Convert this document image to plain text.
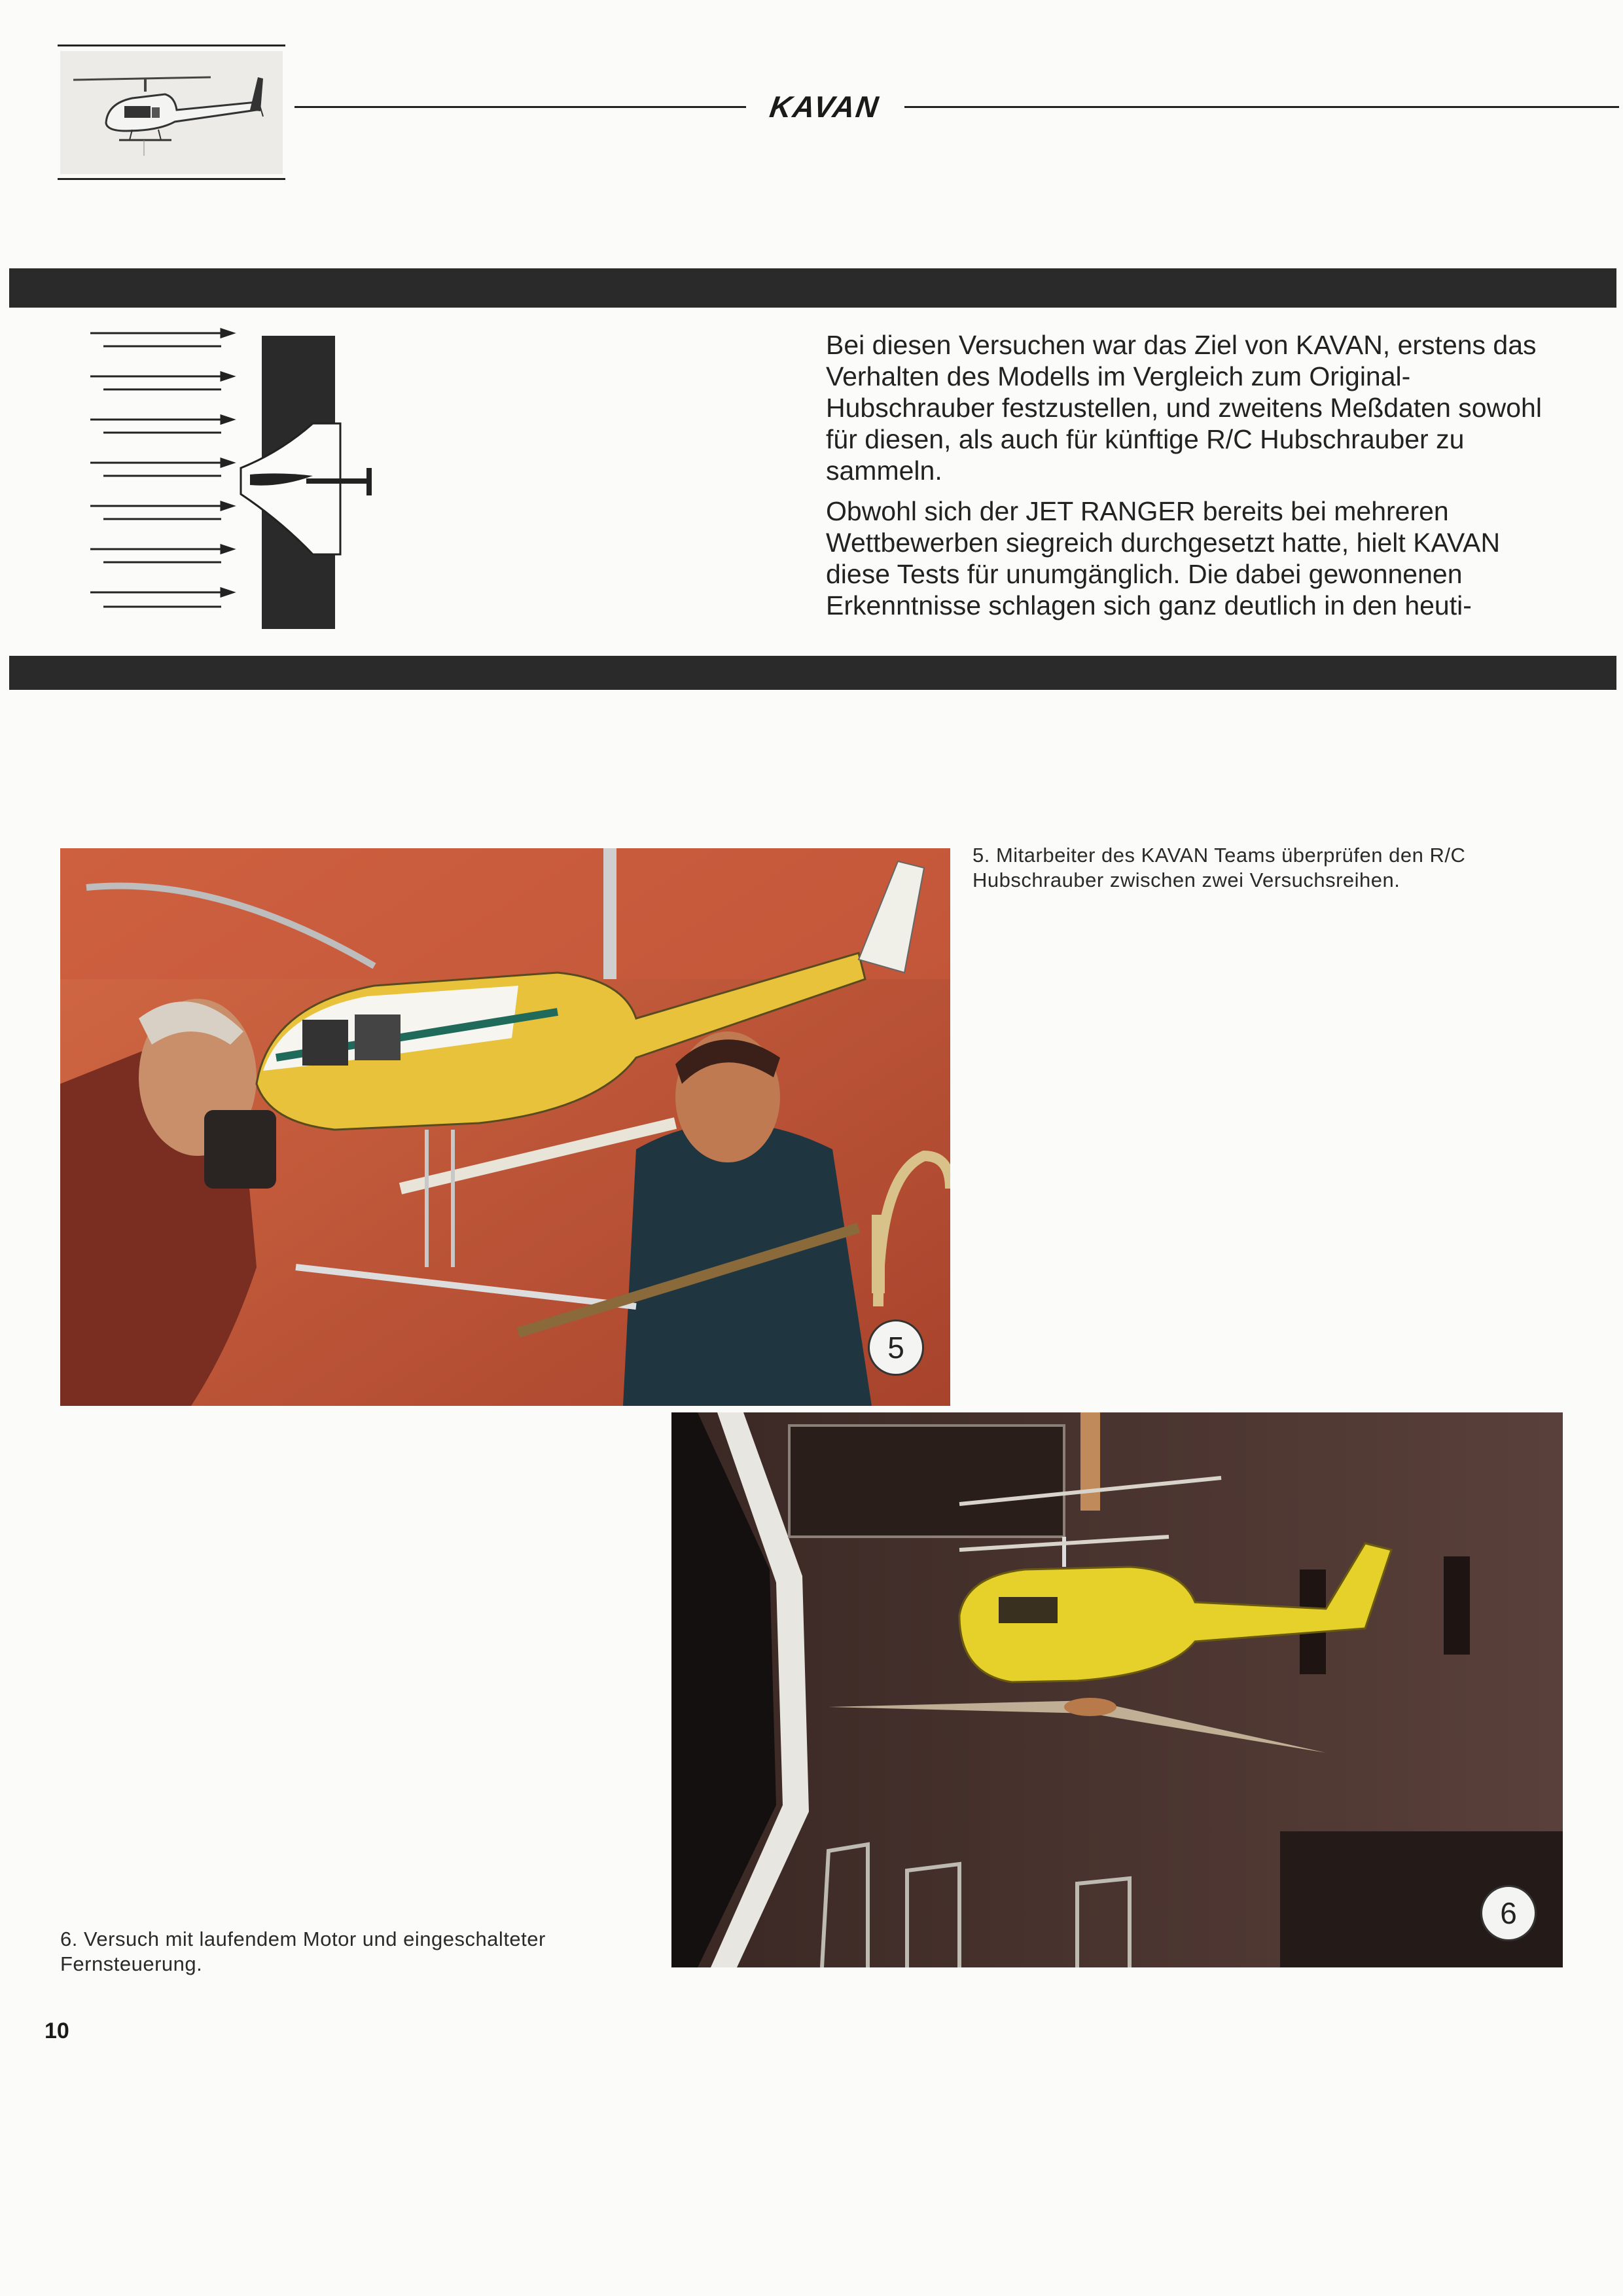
KAVAN

Bei diesen Versuchen war das Ziel von KAVAN, erstens das Verhalten des Modells im Vergleich zum Original-Hubschrauber festzustellen, und zweitens Meßdaten sowohl für diesen, als auch für künftige R/C Hubschrauber zu sammeln.

Obwohl sich der JET RANGER bereits bei mehreren Wettbewerben siegreich durchgesetzt hatte, hielt KAVAN diese Tests für unumgänglich. Die dabei gewonnenen Erkenntnisse schlagen sich ganz deutlich in den heuti-

5
5. Mitarbeiter des KAVAN Teams überprüfen den R/C Hubschrauber zwischen zwei Versuchsreihen.
6
6. Versuch mit laufendem Motor und eingeschalteter Fernsteuerung.
10
